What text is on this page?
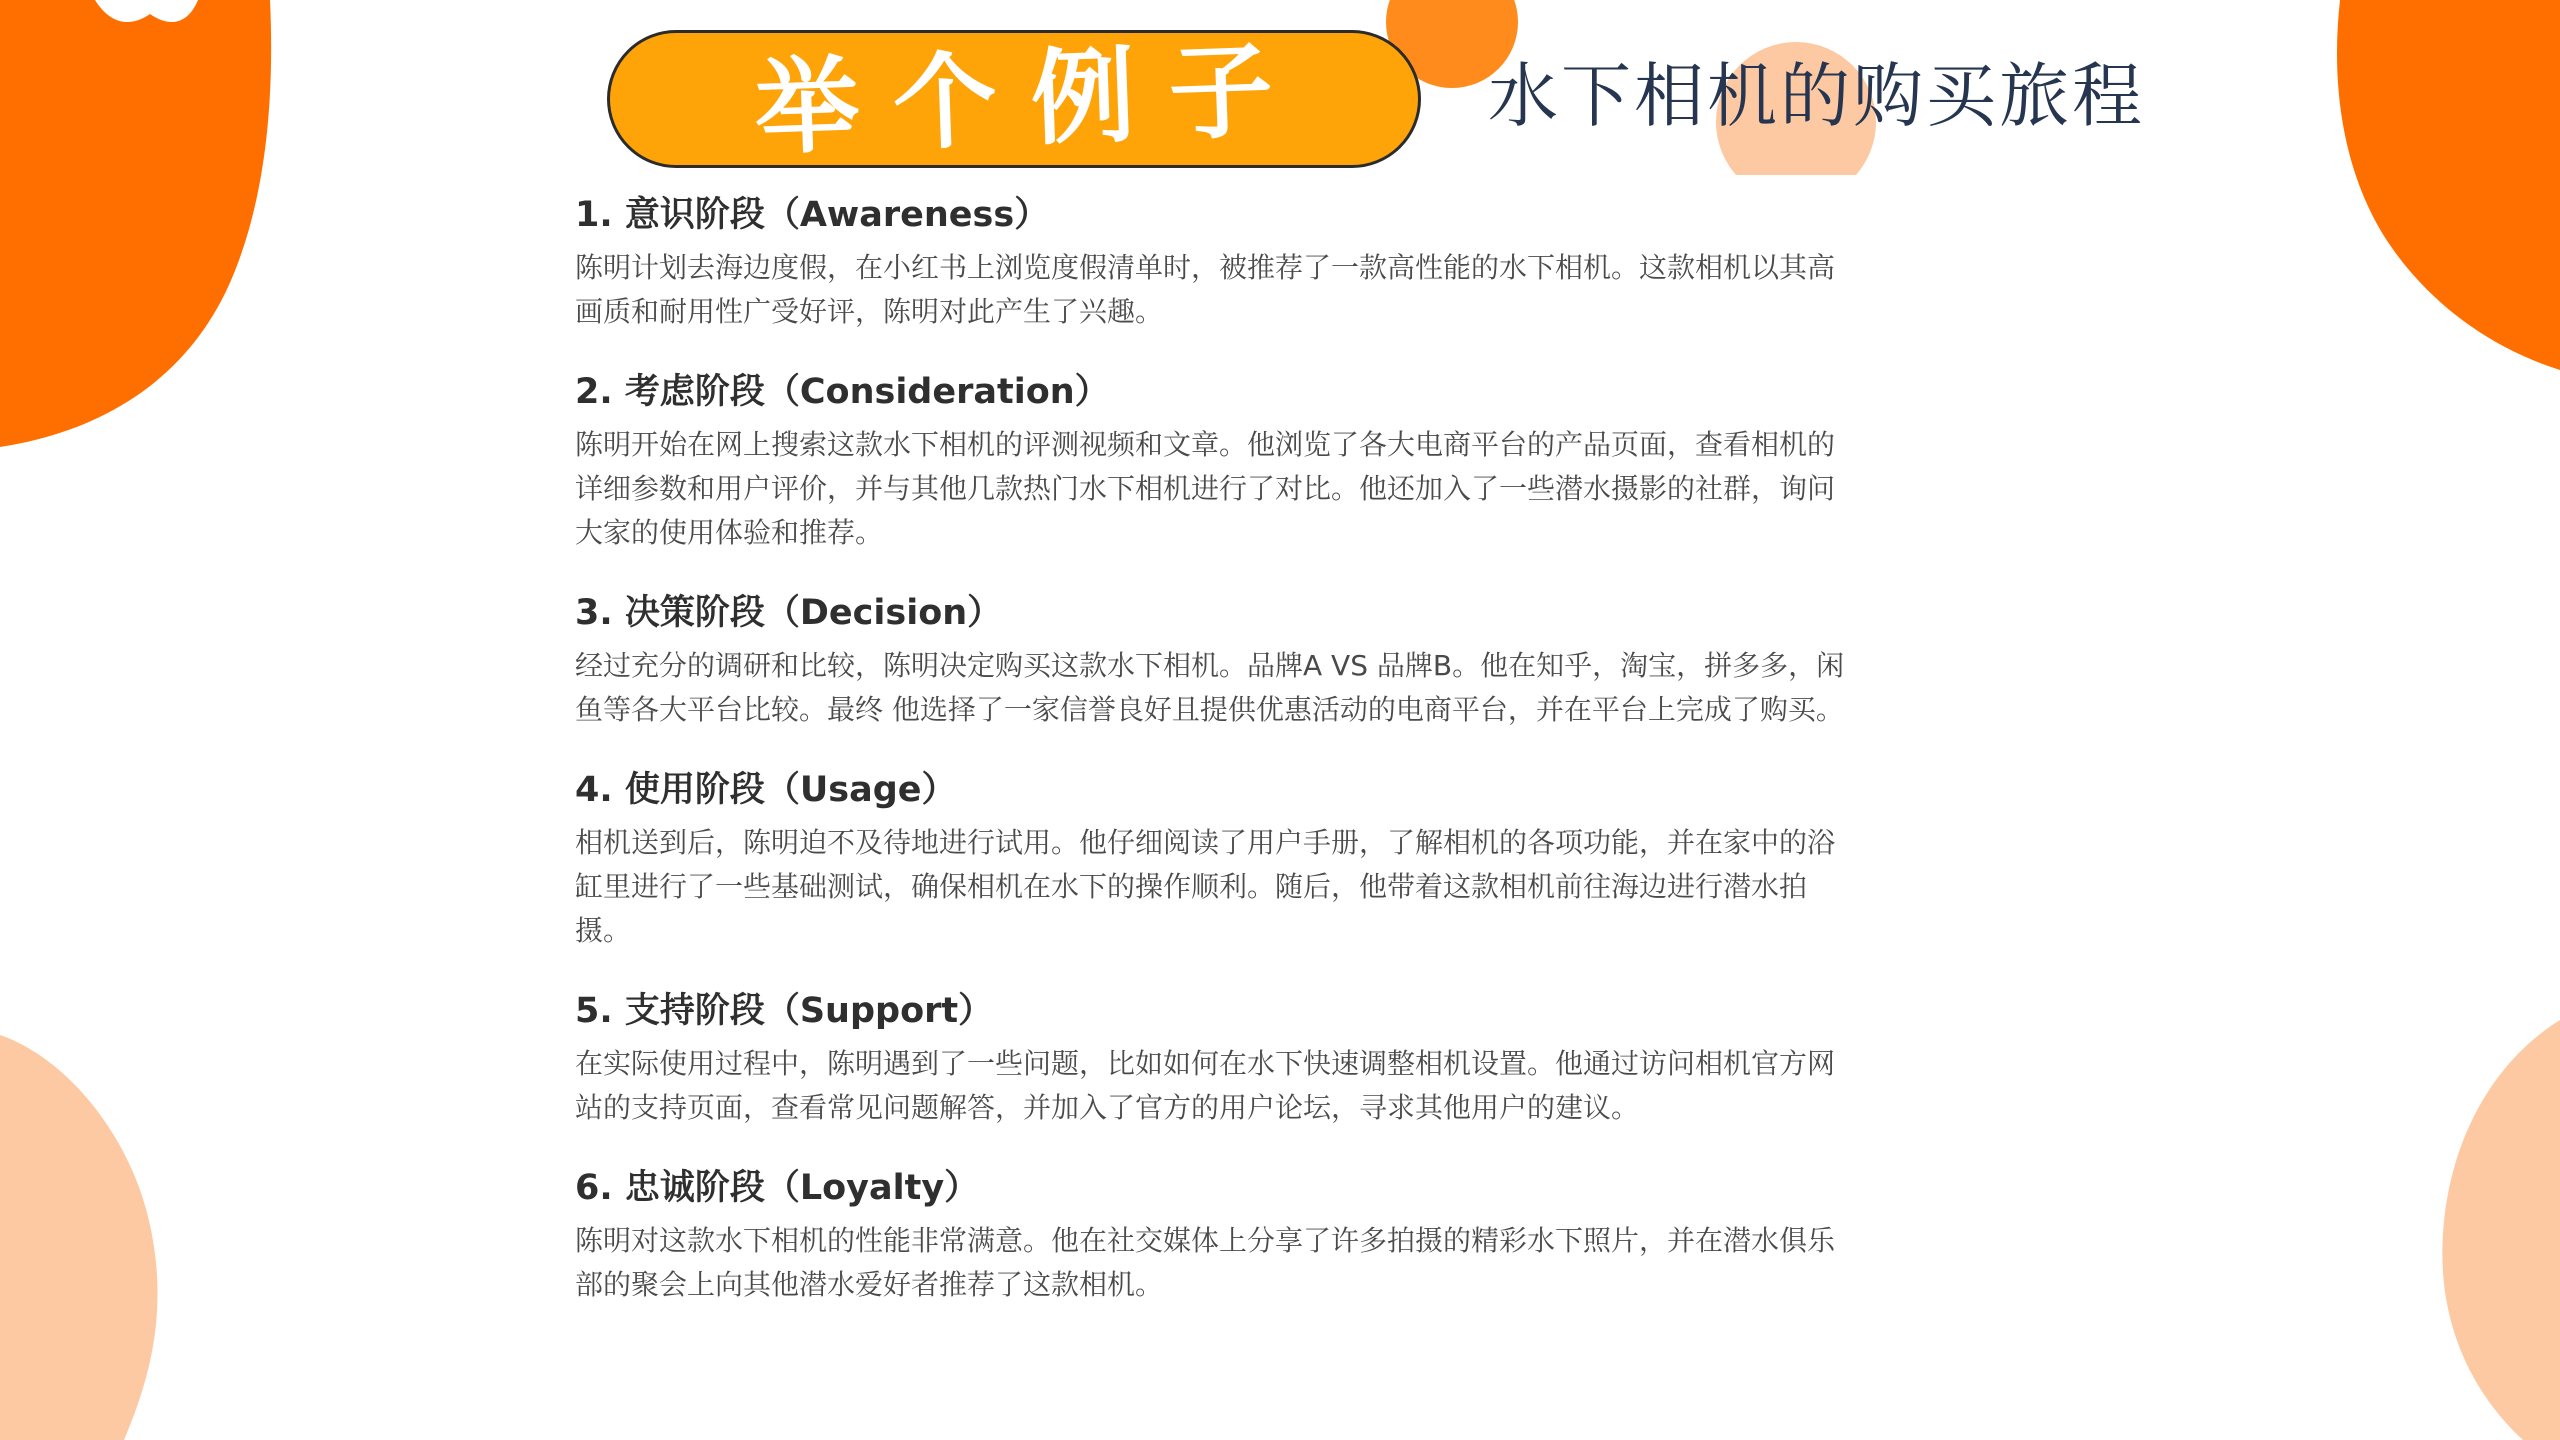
举个例子	水下相机的购买旅程
1. 意识阶段（Awareness）

陈明计划去海边度假，在小红书上浏览度假清单时，被推荐了一款高性能的水下相机。这款相机以其高画质和耐用性广受好评，陈明对此产生了兴趣。

2. 考虑阶段（Consideration）

陈明开始在网上搜索这款水下相机的评测视频和文章。他浏览了各大电商平台的产品页面，查看相机的详细参数和用户评价，并与其他几款热门水下相机进行了对比。他还加入了一些潜水摄影的社群，询问大家的使用体验和推荐。

3. 决策阶段（Decision）

经过充分的调研和比较，陈明决定购买这款水下相机。品牌A VS 品牌B。他在知乎，淘宝，拼多多，闲鱼等各大平台比较。最终 他选择了一家信誉良好且提供优惠活动的电商平台，并在平台上完成了购买。

4. 使用阶段（Usage）

相机送到后，陈明迫不及待地进行试用。他仔细阅读了用户手册，了解相机的各项功能，并在家中的浴缸里进行了一些基础测试，确保相机在水下的操作顺利。随后，他带着这款相机前往海边进行潜水拍摄。

5. 支持阶段（Support）

在实际使用过程中，陈明遇到了一些问题，比如如何在水下快速调整相机设置。他通过访问相机官方网站的支持页面，查看常见问题解答，并加入了官方的用户论坛，寻求其他用户的建议。

6. 忠诚阶段（Loyalty）

陈明对这款水下相机的性能非常满意。他在社交媒体上分享了许多拍摄的精彩水下照片，并在潜水俱乐部的聚会上向其他潜水爱好者推荐了这款相机。
